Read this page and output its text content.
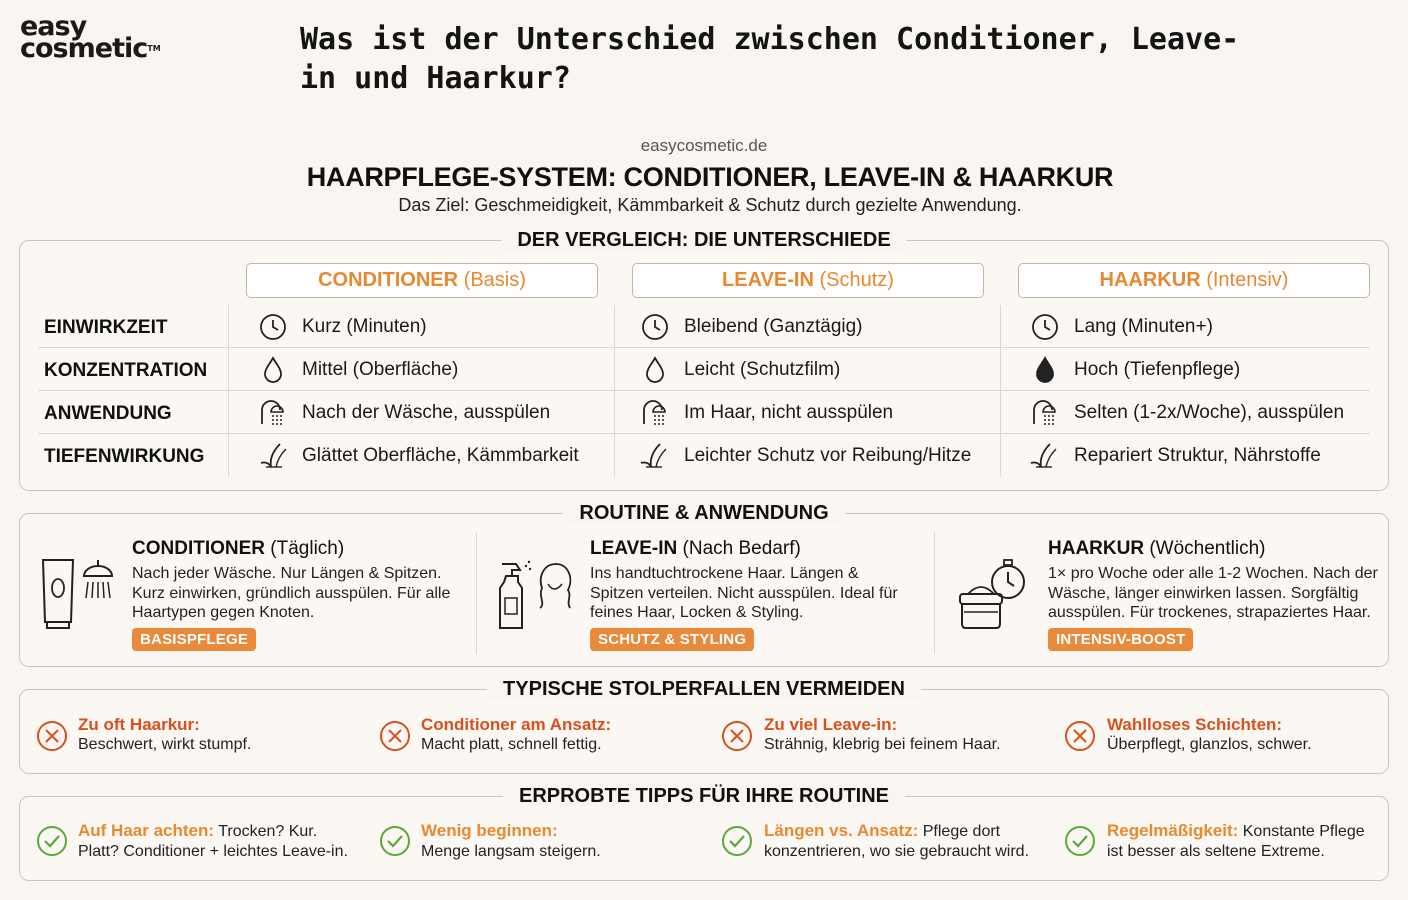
easy
cosmetic™	Was ist der Unterschied zwischen Conditioner, Leave-in und Haarkur?
easycosmetic.de
HAARPFLEGE-SYSTEM: CONDITIONER, LEAVE-IN & HAARKUR
Das Ziel: Geschmeidigkeit, Kämmbarkeit & Schutz durch gezielte Anwendung.
DER VERGLEICH: DIE UNTERSCHIEDE
CONDITIONER (Basis)	LEAVE-IN (Schutz)	HAARKUR (Intensiv)
EINWIRKZEIT	Kurz (Minuten)	Bleibend (Ganztägig)	Lang (Minuten+)
KONZENTRATION	Mittel (Oberfläche)	Leicht (Schutzfilm)	Hoch (Tiefenpflege)
ANWENDUNG	Nach der Wäsche, ausspülen	Im Haar, nicht ausspülen	Selten (1-2x/Woche), ausspülen
TIEFENWIRKUNG	Glättet Oberfläche, Kämmbarkeit	Leichter Schutz vor Reibung/Hitze	Repariert Struktur, Nährstoffe
ROUTINE & ANWENDUNG
CONDITIONER (Täglich)
Nach jeder Wäsche. Nur Längen & Spitzen. Kurz einwirken, gründlich ausspülen. Für alle Haartypen gegen Knoten.
BASISPFLEGE
LEAVE-IN (Nach Bedarf)
Ins handtuchtrockene Haar. Längen & Spitzen verteilen. Nicht ausspülen. Ideal für feines Haar, Locken & Styling.
SCHUTZ & STYLING
HAARKUR (Wöchentlich)
1× pro Woche oder alle 1-2 Wochen. Nach der Wäsche, länger einwirken lassen. Sorgfältig ausspülen. Für trockenes, strapaziertes Haar.
INTENSIV-BOOST
TYPISCHE STOLPERFALLEN VERMEIDEN
Zu oft Haarkur:
Beschwert, wirkt stumpf.
Conditioner am Ansatz:
Macht platt, schnell fettig.
Zu viel Leave-in:
Strähnig, klebrig bei feinem Haar.
Wahlloses Schichten:
Überpflegt, glanzlos, schwer.
ERPROBTE TIPPS FÜR IHRE ROUTINE
Auf Haar achten: Trocken? Kur.
Platt? Conditioner + leichtes Leave-in.
Wenig beginnen:
Menge langsam steigern.
Längen vs. Ansatz: Pflege dort
konzentrieren, wo sie gebraucht wird.
Regelmäßigkeit: Konstante Pflege
ist besser als seltene Extreme.
